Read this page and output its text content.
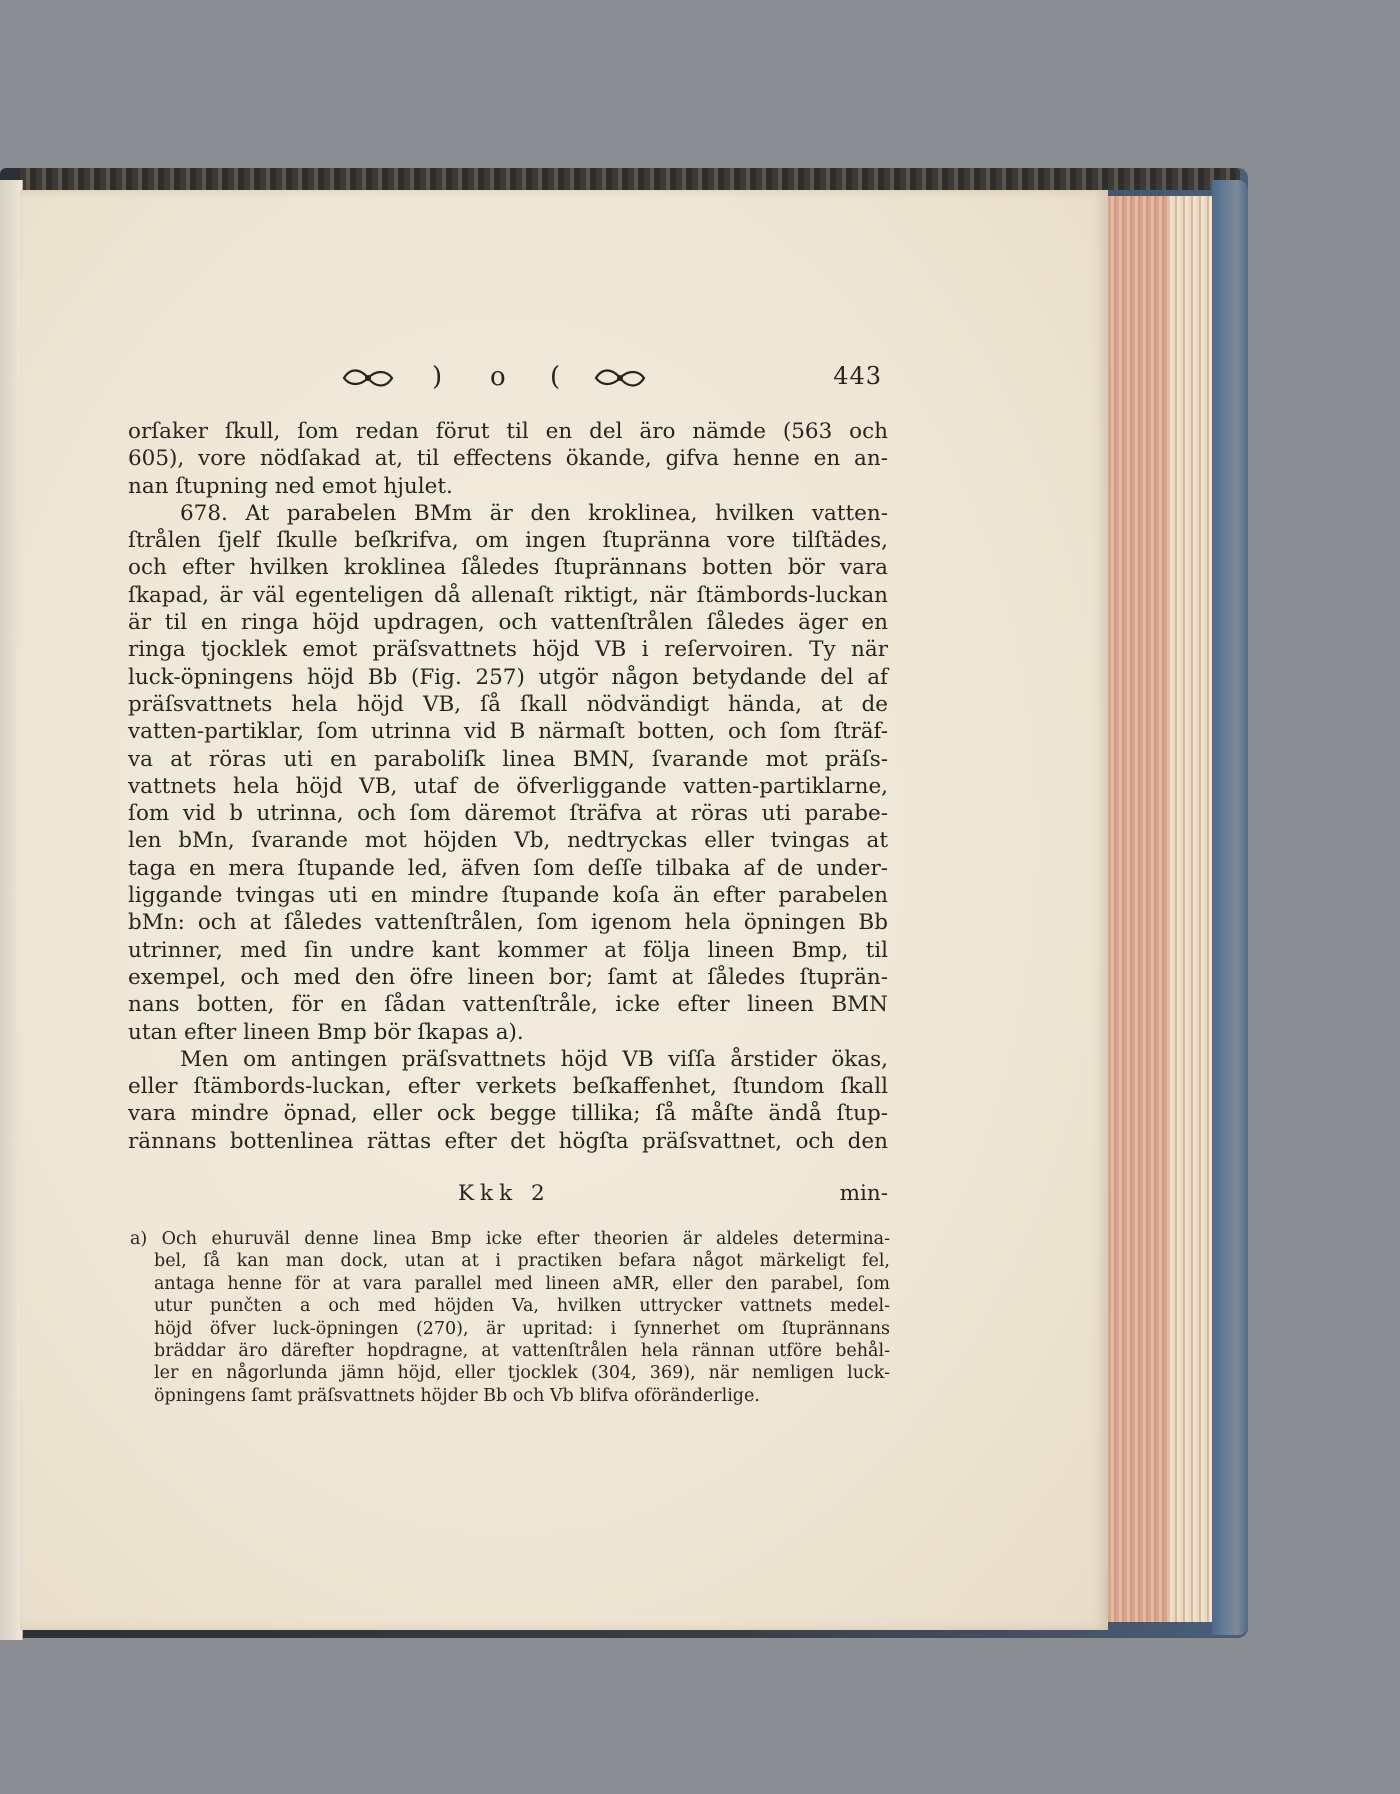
) o (	443
orſaker ſkull, ſom redan förut til en del äro nämde (563 och
605), vore nödſakad at, til effectens ökande, gifva henne en an-
nan ſtupning ned emot hjulet.
678. At parabelen BMm är den kroklinea, hvilken vatten-
ſtrålen ſjelf ſkulle beſkrifva, om ingen ſtupränna vore tilſtädes,
och efter hvilken kroklinea ſåledes ſtuprännans botten bör vara
ſkapad, är väl egenteligen då allenaſt riktigt, när ſtämbords-luckan
är til en ringa höjd updragen, och vattenſtrålen ſåledes äger en
ringa tjocklek emot präſsvattnets höjd VB i reſervoiren. Ty när
luck-öpningens höjd Bb (Fig. 257) utgör någon betydande del af
präſsvattnets hela höjd VB, ſå ſkall nödvändigt hända, at de
vatten-partiklar, ſom utrinna vid B närmaſt botten, och ſom ſträf-
va at röras uti en paraboliſk linea BMN, ſvarande mot präſs-
vattnets hela höjd VB, utaf de öfverliggande vatten-partiklarne,
ſom vid b utrinna, och ſom däremot ſträfva at röras uti parabe-
len bMn, ſvarande mot höjden Vb, nedtryckas eller tvingas at
taga en mera ſtupande led, äfven ſom deſſe tilbaka af de under-
liggande tvingas uti en mindre ſtupande koſa än efter parabelen
bMn: och at ſåledes vattenſtrålen, ſom igenom hela öpningen Bb
utrinner, med ſin undre kant kommer at följa lineen Bmp, til
exempel, och med den öfre lineen bor; ſamt at ſåledes ſtuprän-
nans botten, för en ſådan vattenſtråle, icke efter lineen BMN
utan efter lineen Bmp bör ſkapas a).
Men om antingen präſsvattnets höjd VB viſſa årstider ökas,
eller ſtämbords-luckan, efter verkets beſkaffenhet, ſtundom ſkall
vara mindre öpnad, eller ock begge tillika; ſå måſte ändå ſtup-
rännans bottenlinea rättas efter det högſta präſsvattnet, och den
Kkk 2	min-
a) Och ehuruväl denne linea Bmp icke efter theorien är aldeles determina-
bel, ſå kan man dock, utan at i practiken befara något märkeligt fel,
antaga henne för at vara parallel med lineen aMR, eller den parabel, ſom
utur punčten a och med höjden Va, hvilken uttrycker vattnets medel-
höjd öfver luck-öpningen (270), är upritad: i ſynnerhet om ſtuprännans
bräddar äro därefter hopdragne, at vattenſtrålen hela rännan utföre behål-
ler en någorlunda jämn höjd, eller tjocklek (304, 369), när nemligen luck-
öpningens ſamt präſsvattnets höjder Bb och Vb blifva oföränderlige.
